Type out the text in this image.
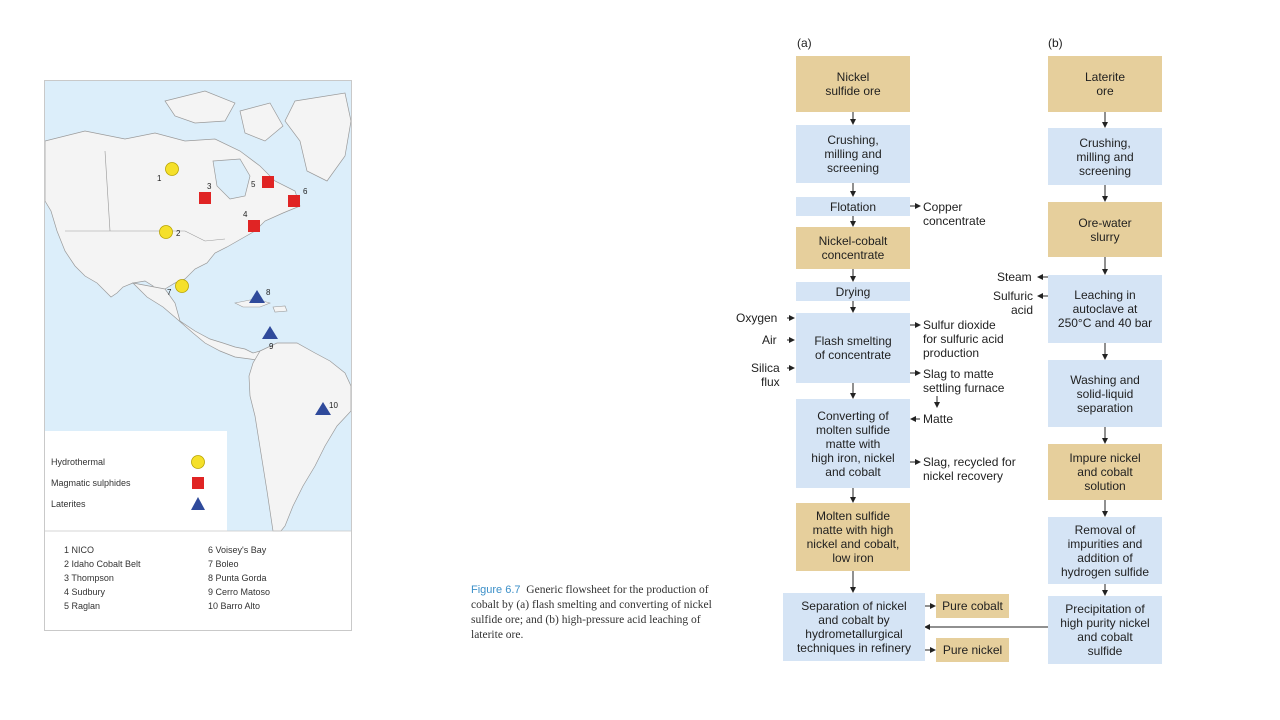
1
2
3
4
5
6
7	8
9
10
Hydrothermal
Magmatic sulphides
Laterites
1 NICO
2 Idaho Cobalt Belt
3 Thompson
4 Sudbury
5 Raglan
6 Voisey's Bay
7 Boleo
8 Punta Gorda
9 Cerro Matoso
10 Barro Alto
Figure 6.7 Generic flowsheet for the production of cobalt by (a) flash smelting and converting of nickel sulfide ore; and (b) high-pressure acid leaching of laterite ore.
(a)	(b)
Nickel
sulfide ore
Crushing,
milling and
screening
Flotation
Nickel-cobalt
concentrate
Drying
Flash smelting
of concentrate
Converting of
molten sulfide
matte with
high iron, nickel
and cobalt
Molten sulfide
matte with high
nickel and cobalt,
low iron
Separation of nickel
and cobalt by
hydrometallurgical
techniques in refinery
Pure cobalt
Pure nickel
Copper
concentrate
Oxygen
Air
Silica
flux
Sulfur dioxide
for sulfuric acid
production
Slag to matte
settling furnace
Matte
Slag, recycled for
nickel recovery
Laterite
ore
Crushing,
milling and
screening
Ore-water
slurry
Leaching in
autoclave at
250°C and 40 bar
Washing and
solid-liquid
separation
Impure nickel
and cobalt
solution
Removal of
impurities and
addition of
hydrogen sulfide
Precipitation of
high purity nickel
and cobalt
sulfide
Steam
Sulfuric
acid
